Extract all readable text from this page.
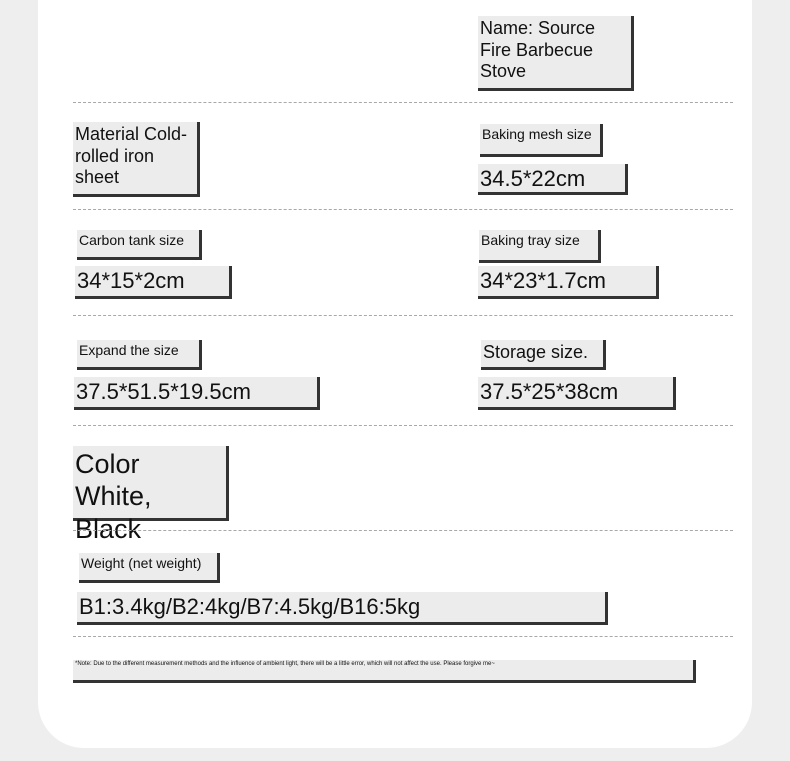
Name: Source Fire Barbecue Stove
Material Cold-rolled iron sheet
Baking mesh size
34.5*22cm
Carbon tank size
34*15*2cm
Baking tray size
34*23*1.7cm
Expand the size
37.5*51.5*19.5cm
Storage size.
37.5*25*38cm
Color White, Black
Weight (net weight)
B1:3.4kg/B2:4kg/B7:4.5kg/B16:5kg
*Note: Due to the different measurement methods and the influence of ambient light, there will be a little error, which will not affect the use. Please forgive me~
